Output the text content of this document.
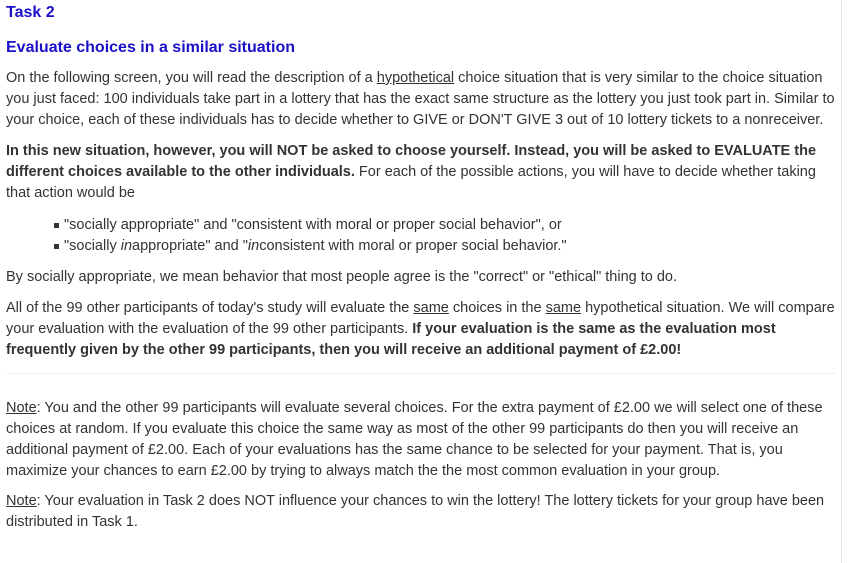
Task 2
Evaluate choices in a similar situation

On the following screen, you will read the description of a hypothetical choice situation that is very similar to the choice situation you just faced: 100 individuals take part in a lottery that has the exact same structure as the lottery you just took part in. Similar to your choice, each of these individuals has to decide whether to GIVE or DON'T GIVE 3 out of 10 lottery tickets to a nonreceiver.

In this new situation, however, you will NOT be asked to choose yourself. Instead, you will be asked to EVALUATE the different choices available to the other individuals. For each of the possible actions, you will have to decide whether taking that action would be

"socially appropriate" and "consistent with moral or proper social behavior", or
"socially inappropriate" and "inconsistent with moral or proper social behavior."

By socially appropriate, we mean behavior that most people agree is the "correct" or "ethical" thing to do.

All of the 99 other participants of today's study will evaluate the same choices in the same hypothetical situation. We will compare your evaluation with the evaluation of the 99 other participants. If your evaluation is the same as the evaluation most frequently given by the other 99 participants, then you will receive an additional payment of £2.00!

Note: You and the other 99 participants will evaluate several choices. For the extra payment of £2.00 we will select one of these choices at random. If you evaluate this choice the same way as most of the other 99 participants do then you will receive an additional payment of £2.00. Each of your evaluations has the same chance to be selected for your payment. That is, you maximize your chances to earn £2.00 by trying to always match the the most common evaluation in your group.

Note: Your evaluation in Task 2 does NOT influence your chances to win the lottery! The lottery tickets for your group have been distributed in Task 1.
